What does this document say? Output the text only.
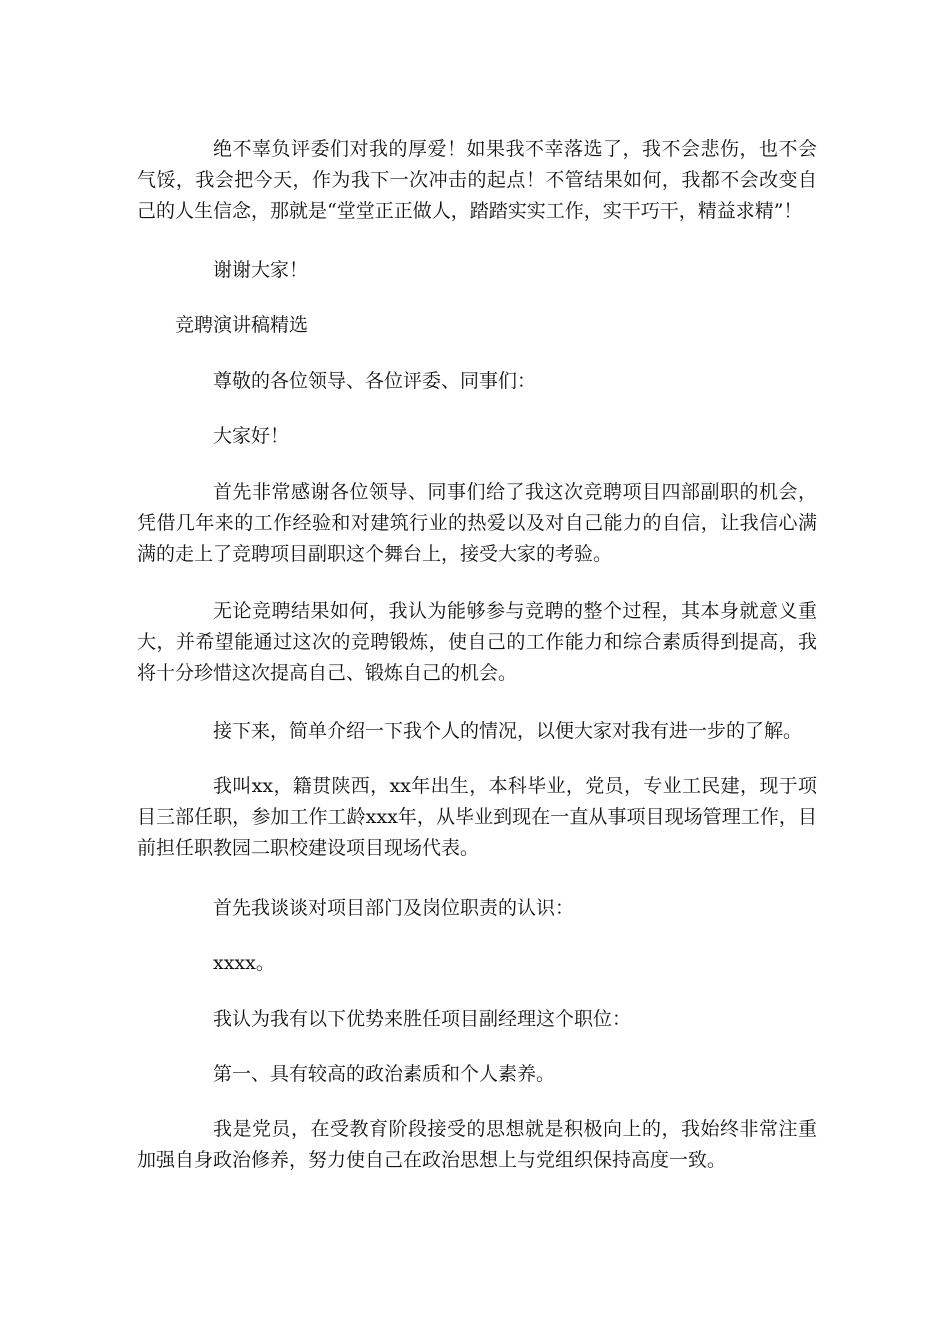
绝不辜负评委们对我的厚爱！如果我不幸落选了，我不会悲伤，也不会气馁，我会把今天，作为我下一次冲击的起点！不管结果如何，我都不会改变自己的人生信念，那就是“堂堂正正做人，踏踏实实工作，实干巧干，精益求精”！

谢谢大家！

竞聘演讲稿精选

尊敬的各位领导、各位评委、同事们：

大家好！

首先非常感谢各位领导、同事们给了我这次竞聘项目四部副职的机会，凭借几年来的工作经验和对建筑行业的热爱以及对自己能力的自信，让我信心满满的走上了竞聘项目副职这个舞台上，接受大家的考验。

无论竞聘结果如何，我认为能够参与竞聘的整个过程，其本身就意义重大，并希望能通过这次的竞聘锻炼，使自己的工作能力和综合素质得到提高，我将十分珍惜这次提高自己、锻炼自己的机会。

接下来，简单介绍一下我个人的情况，以便大家对我有进一步的了解。

我叫xx，籍贯陕西，xx年出生，本科毕业，党员，专业工民建，现于项目三部任职，参加工作工龄xxx年，从毕业到现在一直从事项目现场管理工作，目前担任职教园二职校建设项目现场代表。

首先我谈谈对项目部门及岗位职责的认识：

xxxx。

我认为我有以下优势来胜任项目副经理这个职位：

第一、具有较高的政治素质和个人素养。

我是党员，在受教育阶段接受的思想就是积极向上的，我始终非常注重加强自身政治修养，努力使自己在政治思想上与党组织保持高度一致。
